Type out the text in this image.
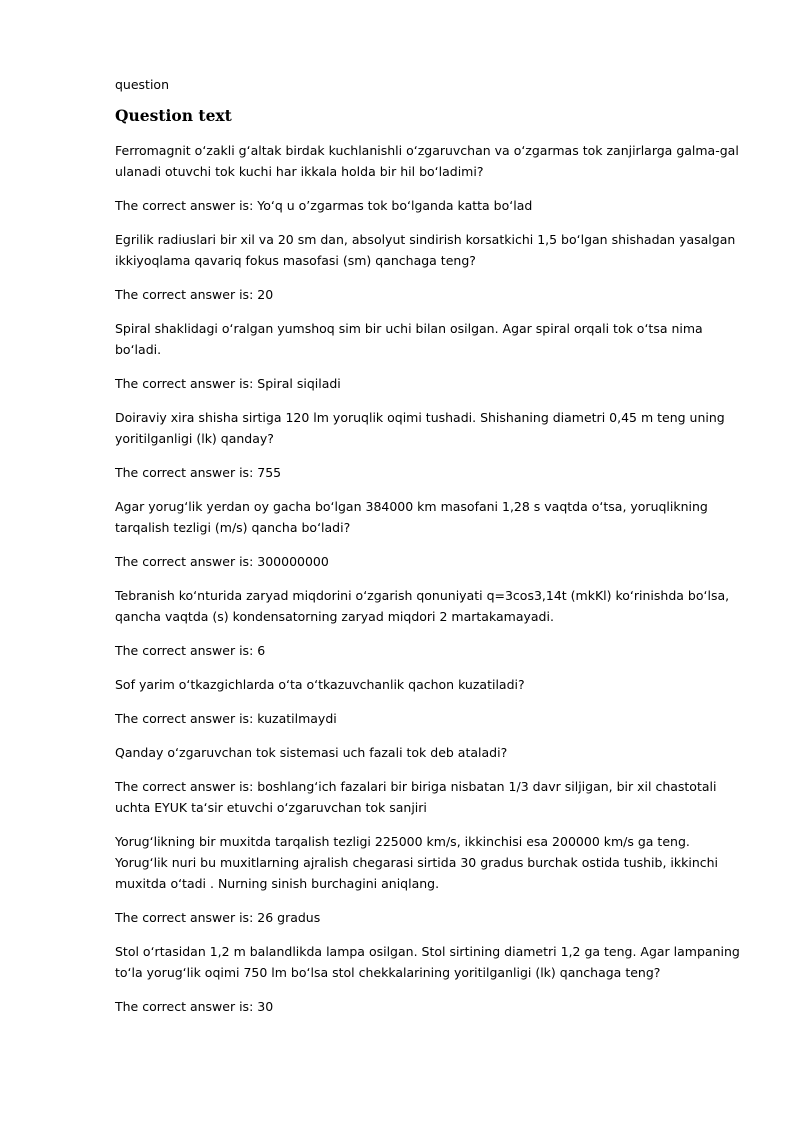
question
Question text

Ferromagnit o‘zakli g‘altak birdak kuchlanishli o‘zgaruvchan va o‘zgarmas tok zanjirlarga galma-gal ulanadi otuvchi tok kuchi har ikkala holda bir hil bo‘ladimi?

The correct answer is: Yo‘q u o’zgarmas tok bo‘lganda katta bo‘lad

Egrilik radiuslari bir xil va 20 sm dan, absolyut sindirish korsatkichi 1,5 bo‘lgan shishadan yasalgan ikkiyoqlama qavariq fokus masofasi (sm) qanchaga teng?

The correct answer is: 20

Spiral shaklidagi o‘ralgan yumshoq sim bir uchi bilan osilgan. Agar spiral orqali tok o‘tsa nima bo‘ladi.

The correct answer is: Spiral siqiladi

Doiraviy xira shisha sirtiga 120 lm yoruqlik oqimi tushadi. Shishaning diametri 0,45 m teng uning yoritilganligi (lk) qanday?

The correct answer is: 755

Agar yorug‘lik yerdan oy gacha bo‘lgan 384000 km masofani 1,28 s vaqtda o‘tsa, yoruqlikning tarqalish tezligi (m/s) qancha bo‘ladi?

The correct answer is: 300000000

Tebranish ko‘nturida zaryad miqdorini o‘zgarish qonuniyati q=3cos3,14t (mkKl) ko‘rinishda bo‘lsa, qancha vaqtda (s) kondensatorning zaryad miqdori 2 martakamayadi.

The correct answer is: 6

Sof yarim o‘tkazgichlarda o‘ta o‘tkazuvchanlik qachon kuzatiladi?

The correct answer is: kuzatilmaydi

Qanday o‘zgaruvchan tok sistemasi uch fazali tok deb ataladi?

The correct answer is: boshlang‘ich fazalari bir biriga nisbatan 1/3 davr siljigan, bir xil chastotali uchta EYUK ta‘sir etuvchi o‘zgaruvchan tok sanjiri

Yorug‘likning bir muxitda tarqalish tezligi 225000 km/s, ikkinchisi esa 200000 km/s ga teng. Yorug‘lik nuri bu muxitlarning ajralish chegarasi sirtida 30 gradus burchak ostida tushib, ikkinchi muxitda o‘tadi . Nurning sinish burchagini aniqlang.

The correct answer is: 26 gradus

Stol o‘rtasidan 1,2 m balandlikda lampa osilgan. Stol sirtining diametri 1,2 ga teng. Agar lampaning to‘la yorug‘lik oqimi 750 lm bo‘lsa stol chekkalarining yoritilganligi (lk) qanchaga teng?

The correct answer is: 30
